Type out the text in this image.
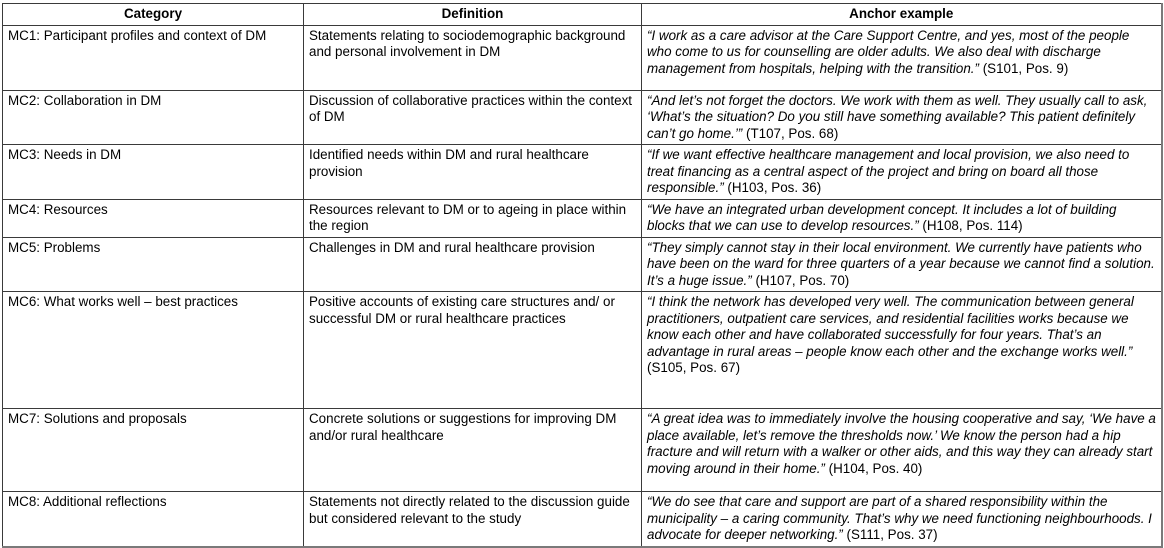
Category	Definition	Anchor example
MC1: Participant profiles and context of DM	Statements relating to sociodemographic background and personal involvement in DM	“I work as a care advisor at the Care Support Centre, and yes, most of the people who come to us for counselling are older adults. We also deal with discharge management from hospitals, helping with the transition.” (S101, Pos. 9)
MC2: Collaboration in DM	Discussion of collaborative practices within the context of DM	“And let’s not forget the doctors. We work with them as well. They usually call to ask, ‘What’s the situation? Do you still have something available? This patient definitely can’t go home.’” (T107, Pos. 68)
MC3: Needs in DM	Identified needs within DM and rural healthcare provision	“If we want effective healthcare management and local provision, we also need to treat financing as a central aspect of the project and bring on board all those responsible.” (H103, Pos. 36)
MC4: Resources	Resources relevant to DM or to ageing in place within the region	“We have an integrated urban development concept. It includes a lot of building blocks that we can use to develop resources.” (H108, Pos. 114)
MC5: Problems	Challenges in DM and rural healthcare provision	“They simply cannot stay in their local environment. We currently have patients who have been on the ward for three quarters of a year because we cannot find a solution. It’s a huge issue.” (H107, Pos. 70)
MC6: What works well – best practices	Positive accounts of existing care structures and/ or successful DM or rural healthcare practices	“I think the network has developed very well. The communication between general practitioners, outpatient care services, and residential facilities works because we know each other and have collaborated successfully for four years. That’s an advantage in rural areas – people know each other and the exchange works well.” (S105, Pos. 67)
MC7: Solutions and proposals	Concrete solutions or suggestions for improving DM and/or rural healthcare	“A great idea was to immediately involve the housing cooperative and say, ‘We have a place available, let’s remove the thresholds now.’ We know the person had a hip fracture and will return with a walker or other aids, and this way they can already start moving around in their home.” (H104, Pos. 40)
MC8: Additional reflections	Statements not directly related to the discussion guide but considered relevant to the study	“We do see that care and support are part of a shared responsibility within the municipality – a caring community. That’s why we need functioning neighbourhoods. I advocate for deeper networking.” (S111, Pos. 37)
